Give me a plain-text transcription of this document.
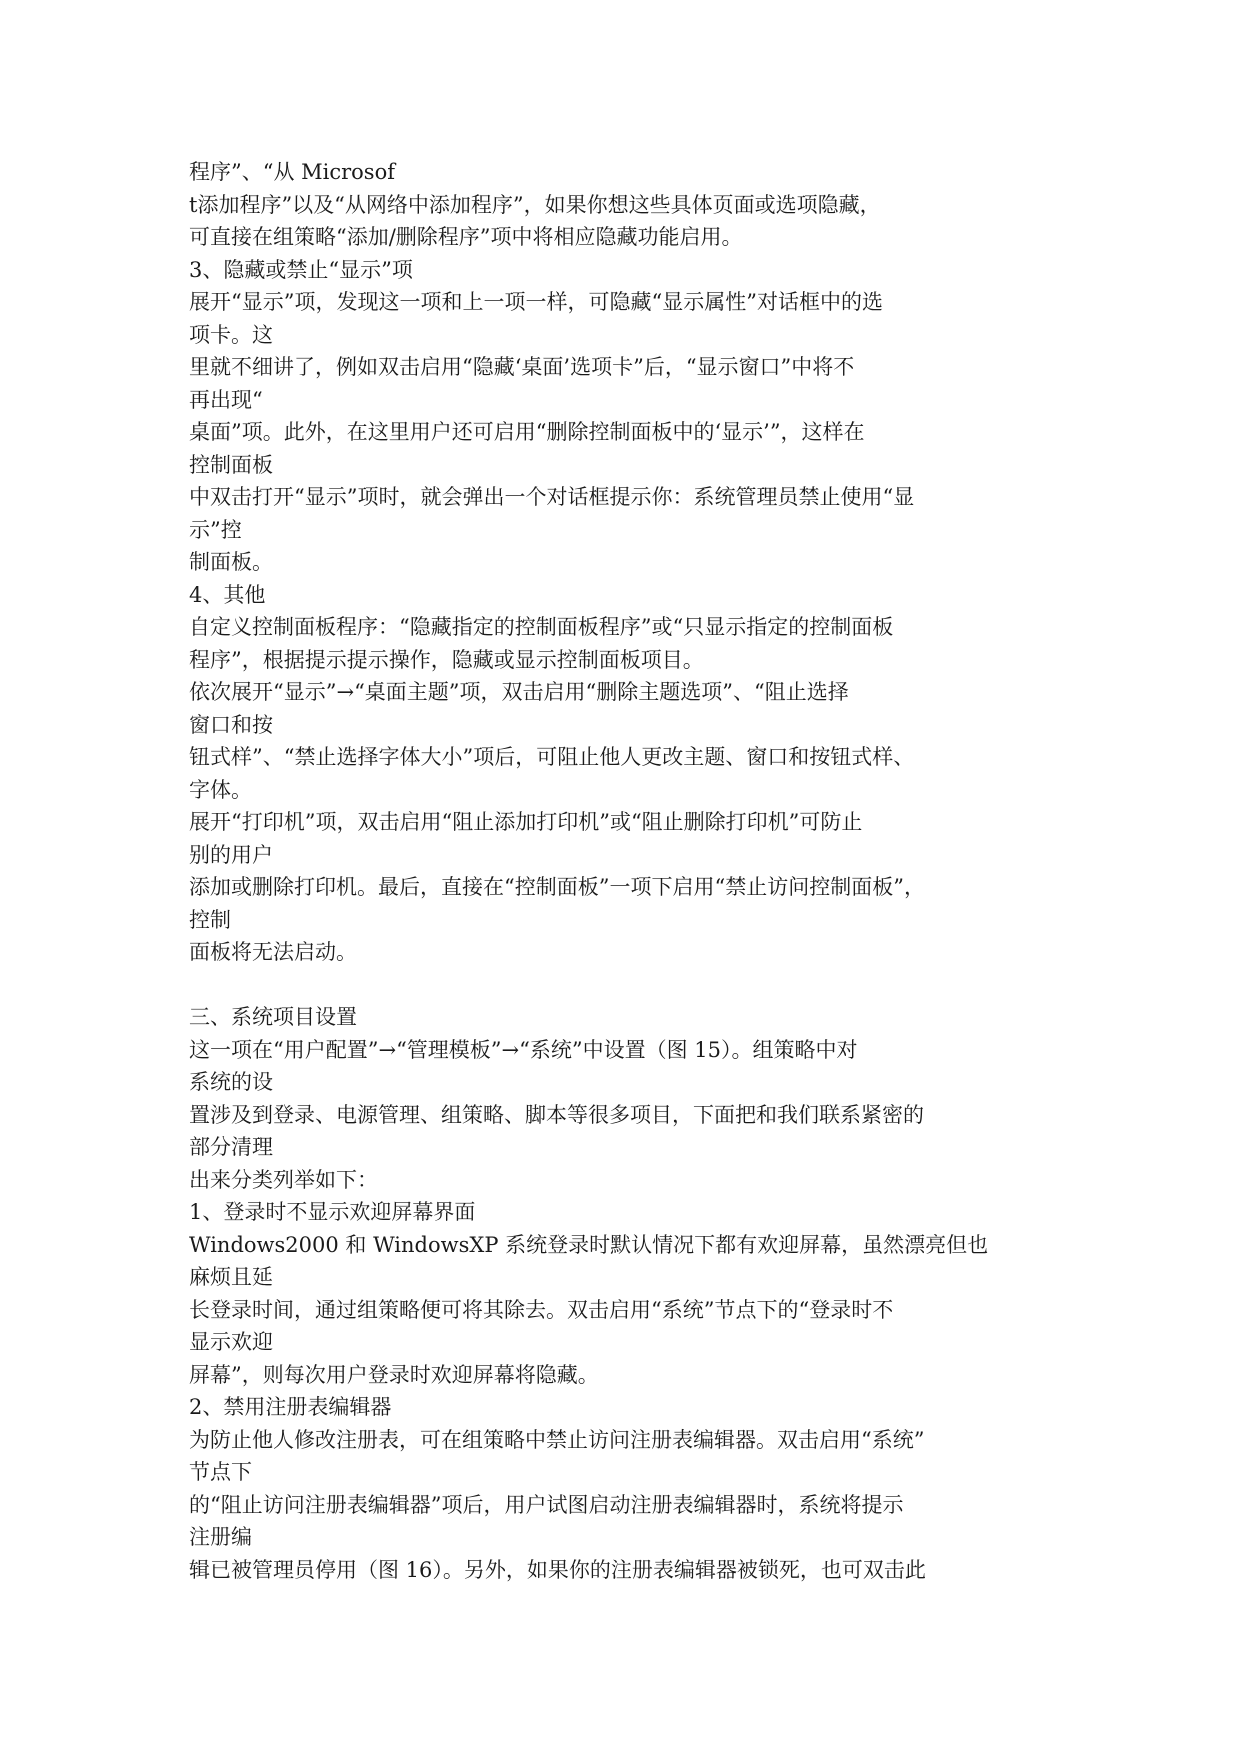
程序”、“从 Microsof
t添加程序”以及“从网络中添加程序”，如果你想这些具体页面或选项隐藏，
可直接在组策略“添加/删除程序”项中将相应隐藏功能启用。
3、隐藏或禁止“显示”项
展开“显示”项，发现这一项和上一项一样，可隐藏“显示属性”对话框中的选
项卡。这
里就不细讲了，例如双击启用“隐藏‘桌面’选项卡”后，“显示窗口”中将不
再出现“
桌面”项。此外，在这里用户还可启用“删除控制面板中的‘显示’”，这样在
控制面板
中双击打开“显示”项时，就会弹出一个对话框提示你：系统管理员禁止使用“显
示”控
制面板。
4、其他
自定义控制面板程序：“隐藏指定的控制面板程序”或“只显示指定的控制面板
程序”，根据提示提示操作，隐藏或显示控制面板项目。
依次展开“显示”→“桌面主题”项，双击启用“删除主题选项”、“阻止选择
窗口和按
钮式样”、“禁止选择字体大小”项后，可阻止他人更改主题、窗口和按钮式样、
字体。
展开“打印机”项，双击启用“阻止添加打印机”或“阻止删除打印机”可防止
别的用户
添加或删除打印机。最后，直接在“控制面板”一项下启用“禁止访问控制面板”，
控制
面板将无法启动。
三、系统项目设置
这一项在“用户配置”→“管理模板”→“系统”中设置（图 15）。组策略中对
系统的设
置涉及到登录、电源管理、组策略、脚本等很多项目，下面把和我们联系紧密的
部分清理
出来分类列举如下：
1、登录时不显示欢迎屏幕界面
Windows2000 和 WindowsXP 系统登录时默认情况下都有欢迎屏幕，虽然漂亮但也
麻烦且延
长登录时间，通过组策略便可将其除去。双击启用“系统”节点下的“登录时不
显示欢迎
屏幕”，则每次用户登录时欢迎屏幕将隐藏。
2、禁用注册表编辑器
为防止他人修改注册表，可在组策略中禁止访问注册表编辑器。双击启用“系统”
节点下
的“阻止访问注册表编辑器”项后，用户试图启动注册表编辑器时，系统将提示
注册编
辑已被管理员停用（图 16）。另外，如果你的注册表编辑器被锁死，也可双击此
